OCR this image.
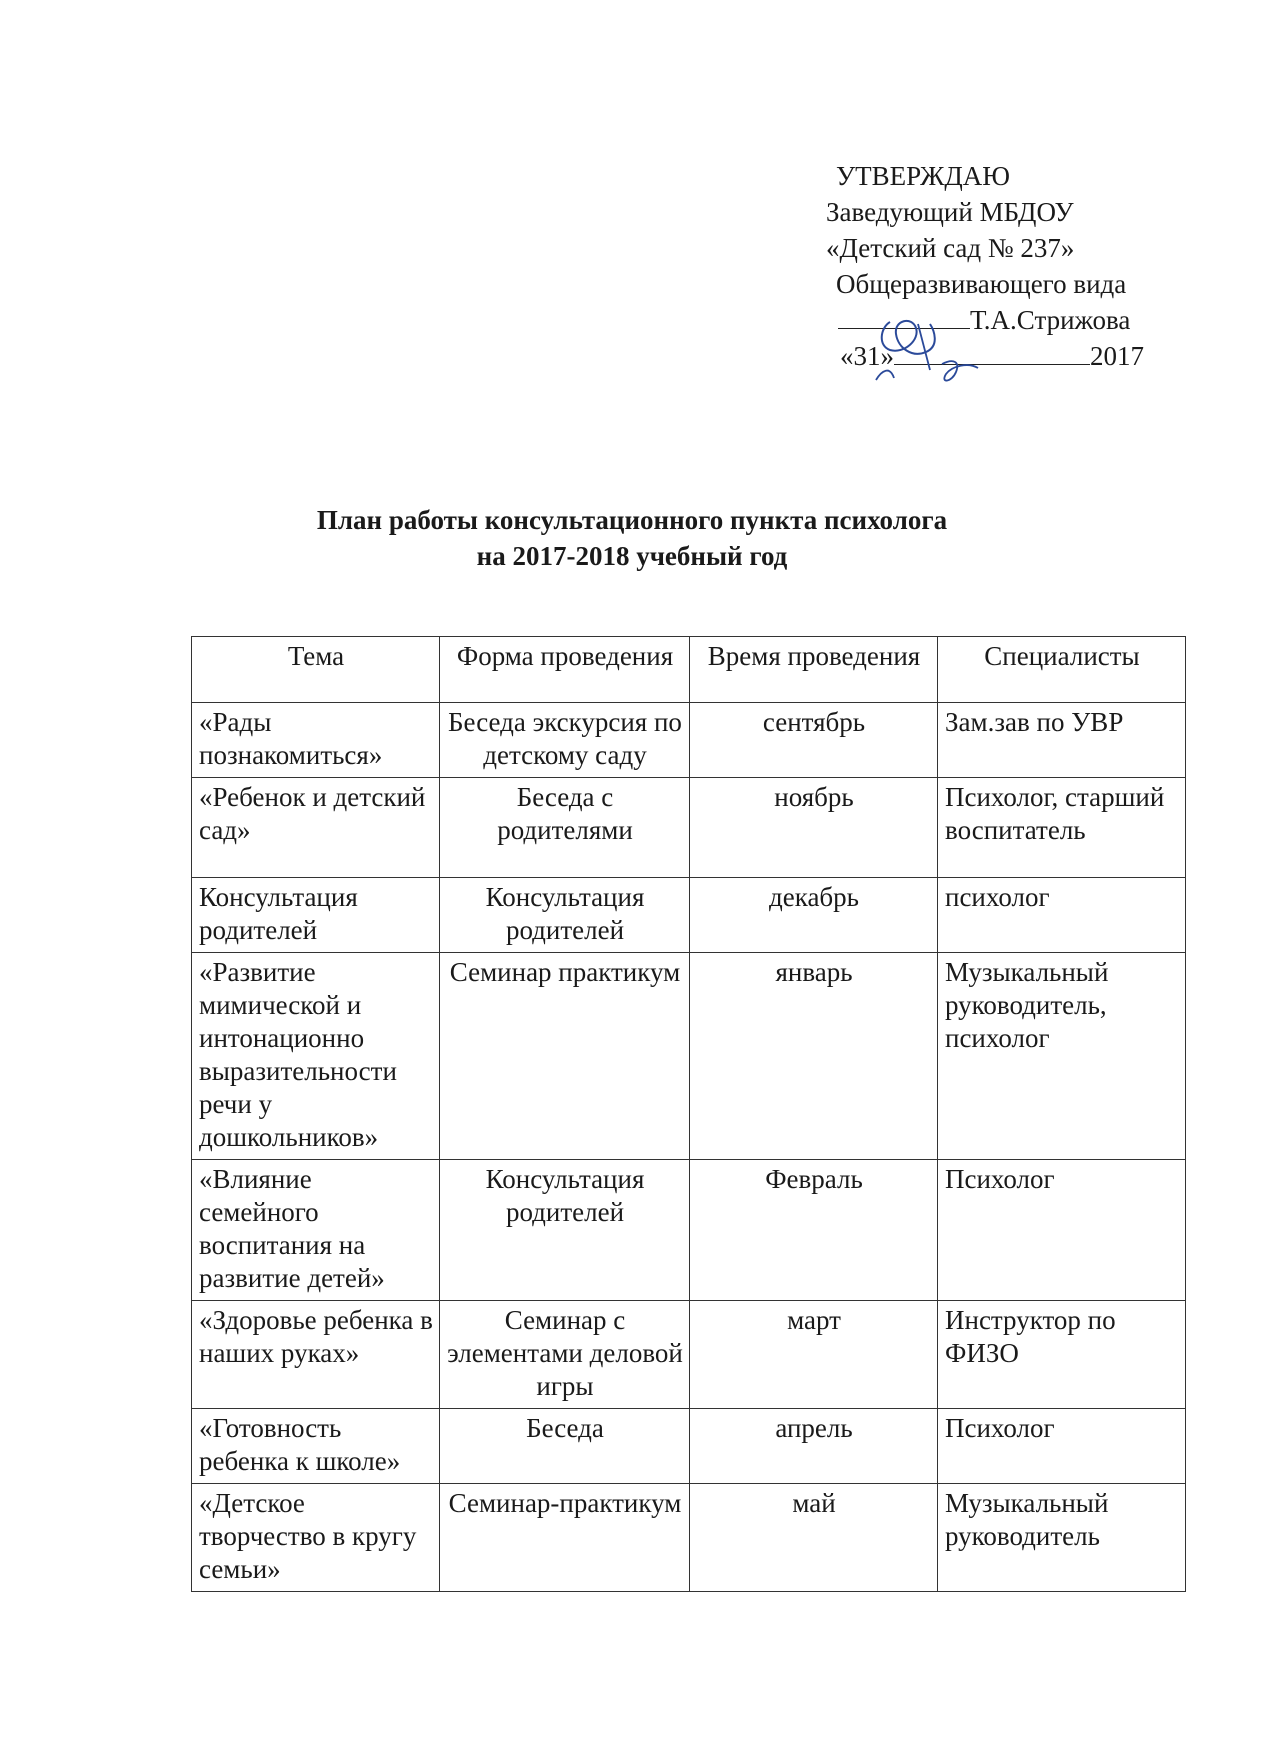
УТВЕРЖДАЮ
Заведующий МБДОУ
«Детский сад № 237»
Общеразвивающего вида
Т.А.Стрижова
«31»	2017
План работы консультационного пункта психолога
на 2017-2018 учебный год
Тема	Форма проведения	Время проведения	Специалисты
«Рады познакомиться»	Беседа экскурсия по детскому саду	сентябрь	Зам.зав по УВР
«Ребенок и детский сад»	Беседа с родителями	ноябрь	Психолог, старший воспитатель
Консультация родителей	Консультация родителей	декабрь	психолог
«Развитие мимической и интонационно выразительности речи у дошкольников»	Семинар практикум	январь	Музыкальный руководитель, психолог
«Влияние семейного воспитания на развитие детей»	Консультация родителей	Февраль	Психолог
«Здоровье ребенка в наших руках»	Семинар с элементами деловой игры	март	Инструктор по ФИЗО
«Готовность ребенка к школе»	Беседа	апрель	Психолог
«Детское творчество в кругу семьи»	Семинар-практикум	май	Музыкальный руководитель
